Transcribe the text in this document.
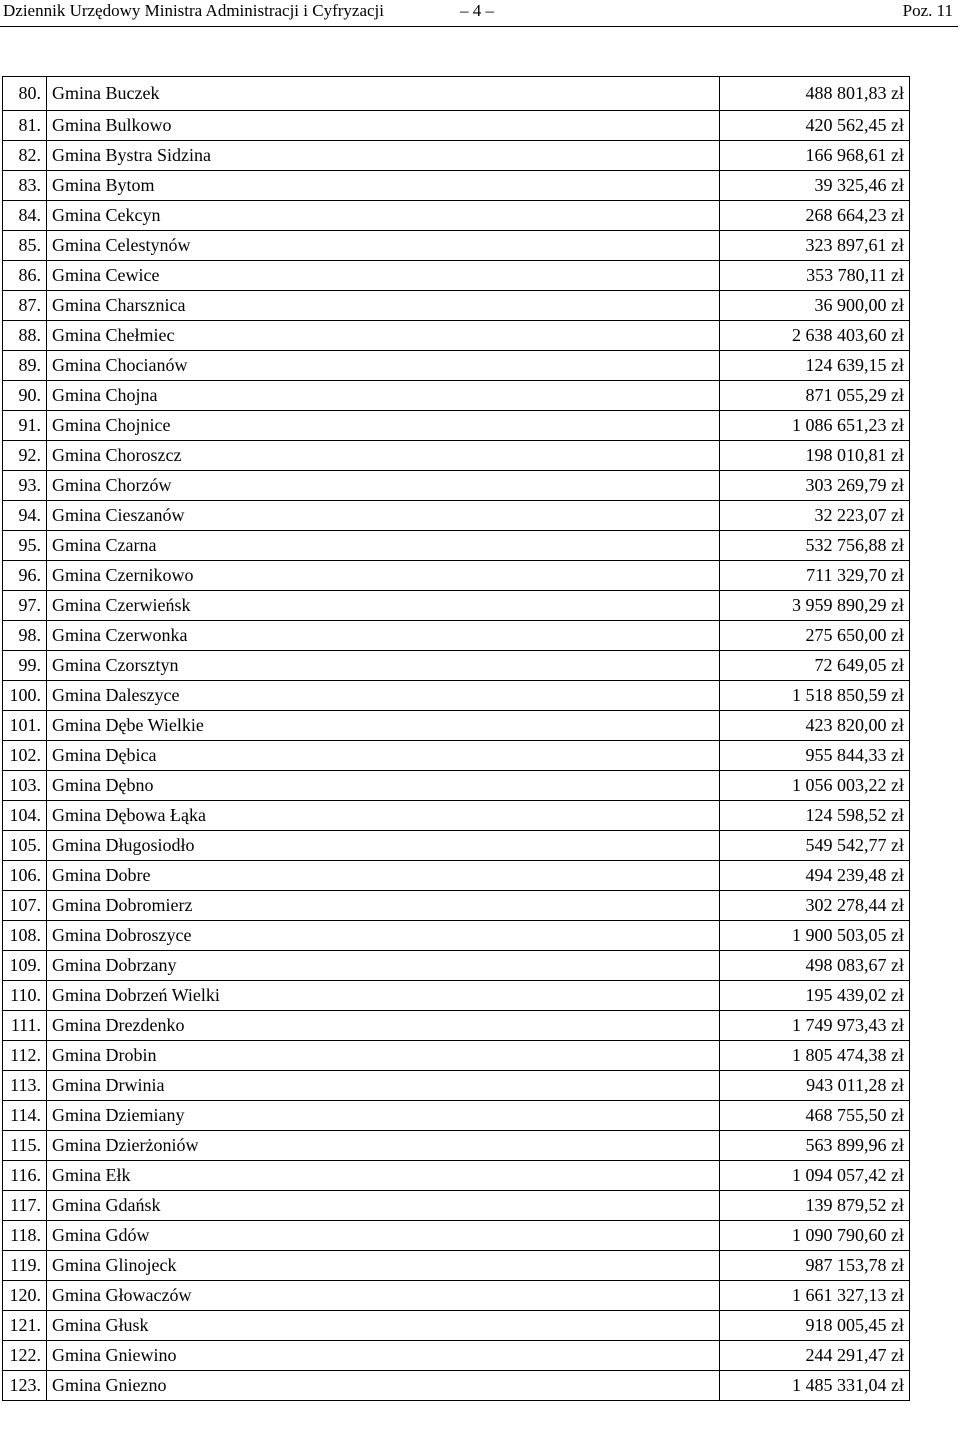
Dziennik Urzędowy Ministra Administracji i Cyfryzacji	– 4 –	Poz. 11
80.	Gmina Buczek	488 801,83 zł
81.	Gmina Bulkowo	420 562,45 zł
82.	Gmina Bystra Sidzina	166 968,61 zł
83.	Gmina Bytom	39 325,46 zł
84.	Gmina Cekcyn	268 664,23 zł
85.	Gmina Celestynów	323 897,61 zł
86.	Gmina Cewice	353 780,11 zł
87.	Gmina Charsznica	36 900,00 zł
88.	Gmina Chełmiec	2 638 403,60 zł
89.	Gmina Chocianów	124 639,15 zł
90.	Gmina Chojna	871 055,29 zł
91.	Gmina Chojnice	1 086 651,23 zł
92.	Gmina Choroszcz	198 010,81 zł
93.	Gmina Chorzów	303 269,79 zł
94.	Gmina Cieszanów	32 223,07 zł
95.	Gmina Czarna	532 756,88 zł
96.	Gmina Czernikowo	711 329,70 zł
97.	Gmina Czerwieńsk	3 959 890,29 zł
98.	Gmina Czerwonka	275 650,00 zł
99.	Gmina Czorsztyn	72 649,05 zł
100.	Gmina Daleszyce	1 518 850,59 zł
101.	Gmina Dębe Wielkie	423 820,00 zł
102.	Gmina Dębica	955 844,33 zł
103.	Gmina Dębno	1 056 003,22 zł
104.	Gmina Dębowa Łąka	124 598,52 zł
105.	Gmina Długosiodło	549 542,77 zł
106.	Gmina Dobre	494 239,48 zł
107.	Gmina Dobromierz	302 278,44 zł
108.	Gmina Dobroszyce	1 900 503,05 zł
109.	Gmina Dobrzany	498 083,67 zł
110.	Gmina Dobrzeń Wielki	195 439,02 zł
111.	Gmina Drezdenko	1 749 973,43 zł
112.	Gmina Drobin	1 805 474,38 zł
113.	Gmina Drwinia	943 011,28 zł
114.	Gmina Dziemiany	468 755,50 zł
115.	Gmina Dzierżoniów	563 899,96 zł
116.	Gmina Ełk	1 094 057,42 zł
117.	Gmina Gdańsk	139 879,52 zł
118.	Gmina Gdów	1 090 790,60 zł
119.	Gmina Glinojeck	987 153,78 zł
120.	Gmina Głowaczów	1 661 327,13 zł
121.	Gmina Głusk	918 005,45 zł
122.	Gmina Gniewino	244 291,47 zł
123.	Gmina Gniezno	1 485 331,04 zł
